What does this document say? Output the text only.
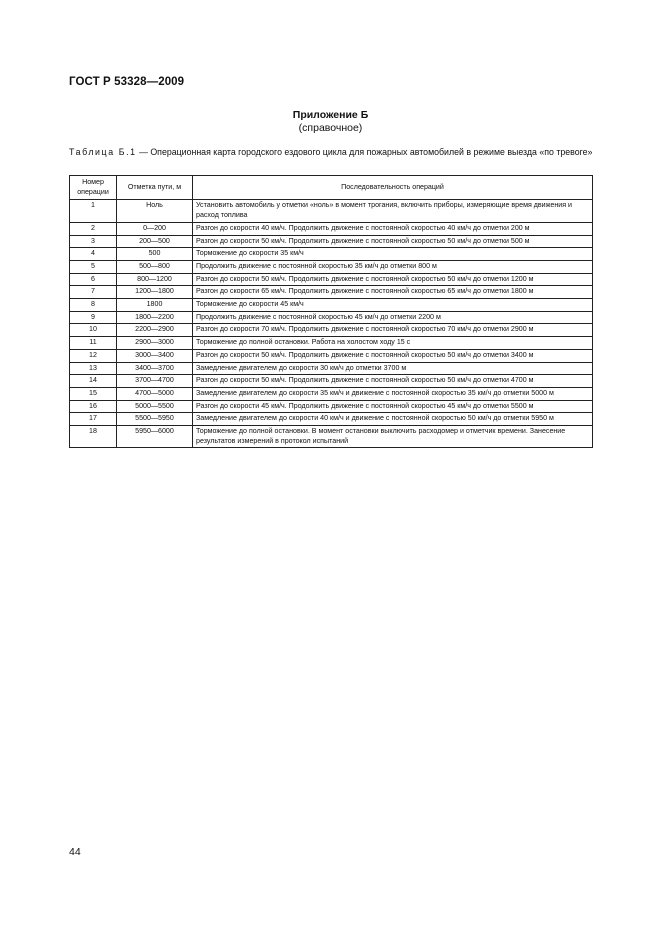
ГОСТ Р 53328—2009
Приложение Б
(справочное)
Таблица Б.1 — Операционная карта городского ездового цикла для пожарных автомобилей в режиме выезда «по тревоге»
Номер операции	Отметка пути, м	Последовательность операций
1	Ноль	Установить автомобиль у отметки «ноль» в момент трогания, включить приборы, измеряющие время движения и расход топлива
2	0—200	Разгон до скорости 40 км/ч. Продолжить движение с постоянной скоростью 40 км/ч до отметки 200 м
3	200—500	Разгон до скорости 50 км/ч. Продолжить движение с постоянной скоростью 50 км/ч до отметки 500 м
4	500	Торможение до скорости 35 км/ч
5	500—800	Продолжить движение с постоянной скоростью 35 км/ч до отметки 800 м
6	800—1200	Разгон до скорости 50 км/ч. Продолжить движение с постоянной скоростью 50 км/ч до отметки 1200 м
7	1200—1800	Разгон до скорости 65 км/ч. Продолжить движение с постоянной скоростью 65 км/ч до отметки 1800 м
8	1800	Торможение до скорости 45 км/ч
9	1800—2200	Продолжить движение с постоянной скоростью 45 км/ч до отметки 2200 м
10	2200—2900	Разгон до скорости 70 км/ч. Продолжить движение с постоянной скоростью 70 км/ч до отметки 2900 м
11	2900—3000	Торможение до полной остановки. Работа на холостом ходу 15 с
12	3000—3400	Разгон до скорости 50 км/ч. Продолжить движение с постоянной скоростью 50 км/ч до отметки 3400 м
13	3400—3700	Замедление двигателем до скорости 30 км/ч до отметки 3700 м
14	3700—4700	Разгон до скорости 50 км/ч. Продолжить движение с постоянной скоростью 50 км/ч до отметки 4700 м
15	4700—5000	Замедление двигателем до скорости 35 км/ч и движение с постоянной скоростью 35 км/ч до отметки 5000 м
16	5000—5500	Разгон до скорости 45 км/ч. Продолжить движение с постоянной скоростью 45 км/ч до отметки 5500 м
17	5500—5950	Замедление двигателем до скорости 40 км/ч и движение с постоянной скоростью 50 км/ч до отметки 5950 м
18	5950—6000	Торможение до полной остановки. В момент остановки выключить расходомер и отметчик времени. Занесение результатов измерений в протокол испытаний
44
